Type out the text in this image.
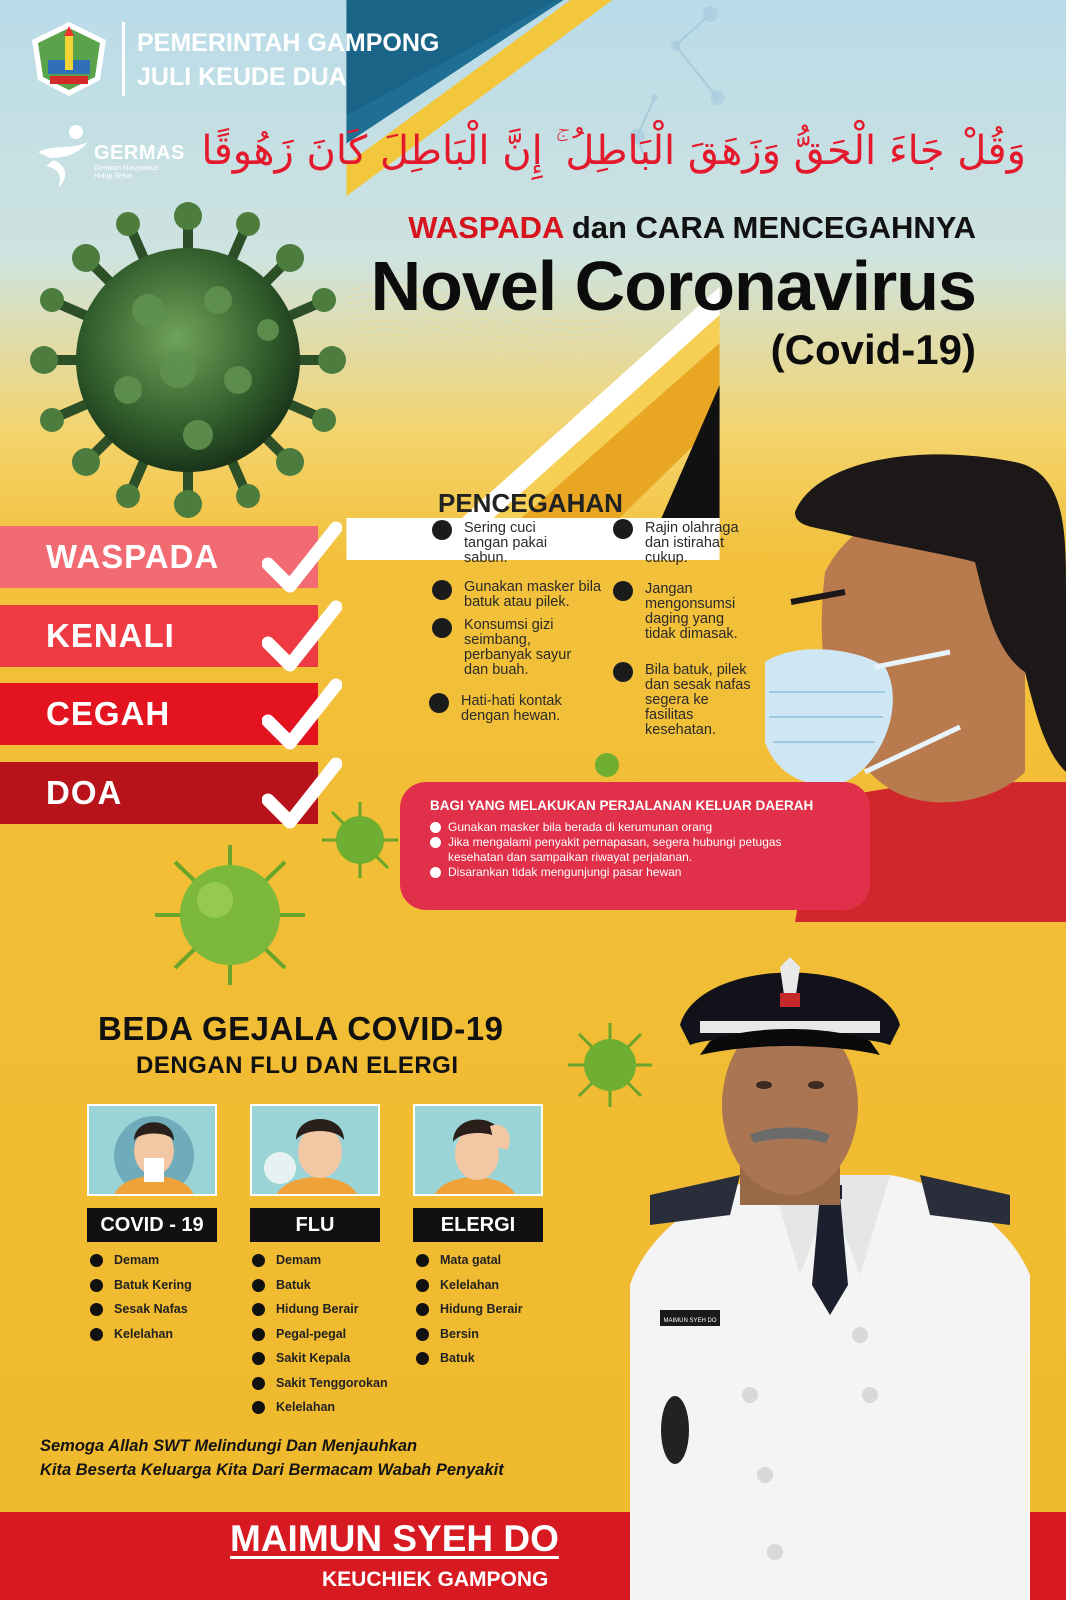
PEMERINTAH GAMPONG
JULI KEUDE DUA
GERMAS
Gerakan Masyarakat
Hidup Sehat
وَقُلْ جَاءَ الْحَقُّ وَزَهَقَ الْبَاطِلُ ۚ إِنَّ الْبَاطِلَ كَانَ زَهُوقًا
WASPADA dan CARA MENCEGAHNYA
Novel Coronavirus
(Covid-19)
WASPADA
KENALI
CEGAH
DOA
PENCEGAHAN
Sering cuci tangan pakai sabun.
Gunakan masker bila batuk atau pilek.
Konsumsi gizi seimbang, perbanyak sayur dan buah.
Hati-hati kontak dengan hewan.
Rajin olahraga dan istirahat cukup.
Jangan mengonsumsi daging yang tidak dimasak.
Bila batuk, pilek dan sesak nafas segera ke fasilitas kesehatan.
BAGI YANG MELAKUKAN PERJALANAN KELUAR DAERAH
Gunakan masker bila berada di kerumunan orang
Jika mengalami penyakit pernapasan, segera hubungi petugas kesehatan dan sampaikan riwayat perjalanan.
Disarankan tidak mengunjungi pasar hewan
BEDA GEJALA COVID-19
DENGAN FLU DAN ELERGI
COVID - 19
Demam
Batuk Kering
Sesak Nafas
Kelelahan
FLU
Demam
Batuk
Hidung Berair
Pegal-pegal
Sakit Kepala
Sakit Tenggorokan
Kelelahan
ELERGI
Mata gatal
Kelelahan
Hidung Berair
Bersin
Batuk
MAIMUN SYEH DO
Semoga Allah SWT Melindungi Dan Menjauhkan
Kita Beserta Keluarga Kita Dari Bermacam Wabah Penyakit
MAIMUN SYEH DO
KEUCHIEK GAMPONG
